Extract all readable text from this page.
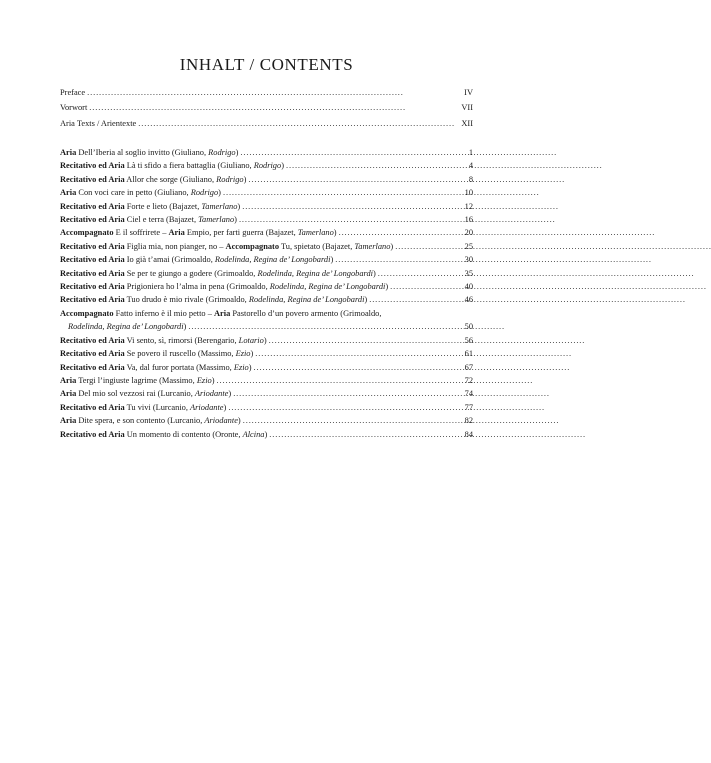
INHALT / CONTENTS
Preface . . .	IV
Vorwort . . .	VII
Aria Texts / Arientexte . . .	XII
Aria Dell’Iberia al soglio invitto (Giuliano, Rodrigo) . . .	1
Recitativo ed Aria Là ti sfido a fiera battaglia (Giuliano, Rodrigo) . . .	4
Recitativo ed Aria Allor che sorge (Giuliano, Rodrigo) . . .	8
Aria Con voci care in petto (Giuliano, Rodrigo) . . .	10
Recitativo ed Aria Forte e lieto (Bajazet, Tamerlano) . . .	12
Recitativo ed Aria Ciel e terra (Bajazet, Tamerlano) . . .	16
Accompagnato E il soffrirete – Aria Empio, per farti guerra (Bajazet, Tamerlano) . . .	20
Recitativo ed Aria Figlia mia, non pianger, no – Accompagnato Tu, spietato (Bajazet, Tamerlano) . . .	25
Recitativo ed Aria Io già t’amai (Grimoaldo, Rodelinda, Regina de’ Longobardi) . . .	30
Recitativo ed Aria Se per te giungo a godere (Grimoaldo, Rodelinda, Regina de’ Longobardi) . . .	35
Recitativo ed Aria Prigioniera ho l’alma in pena (Grimoaldo, Rodelinda, Regina de’ Longobardi) . . .	40
Recitativo ed Aria Tuo drudo è mio rivale (Grimoaldo, Rodelinda, Regina de’ Longobardi) . . .	46
Accompagnato Fatto inferno è il mio petto – Aria Pastorello d’un povero armento (Grimoaldo,
Rodelinda, Regina de’ Longobardi) . . .	50
Recitativo ed Aria Vi sento, sì, rimorsi (Berengario, Lotario) . . .	56
Recitativo ed Aria Se povero il ruscello (Massimo, Ezio) . . .	61
Recitativo ed Aria Va, dal furor portata (Massimo, Ezio) . . .	67
Aria Tergi l’ingiuste lagrime (Massimo, Ezio) . . .	72
Aria Del mio sol vezzosi rai (Lurcanio, Ariodante) . . .	74
Recitativo ed Aria Tu vivi (Lurcanio, Ariodante) . . .	77
Aria Dite spera, e son contento (Lurcanio, Ariodante) . . .	82
Recitativo ed Aria Un momento di contento (Oronte, Alcina) . . .	84
